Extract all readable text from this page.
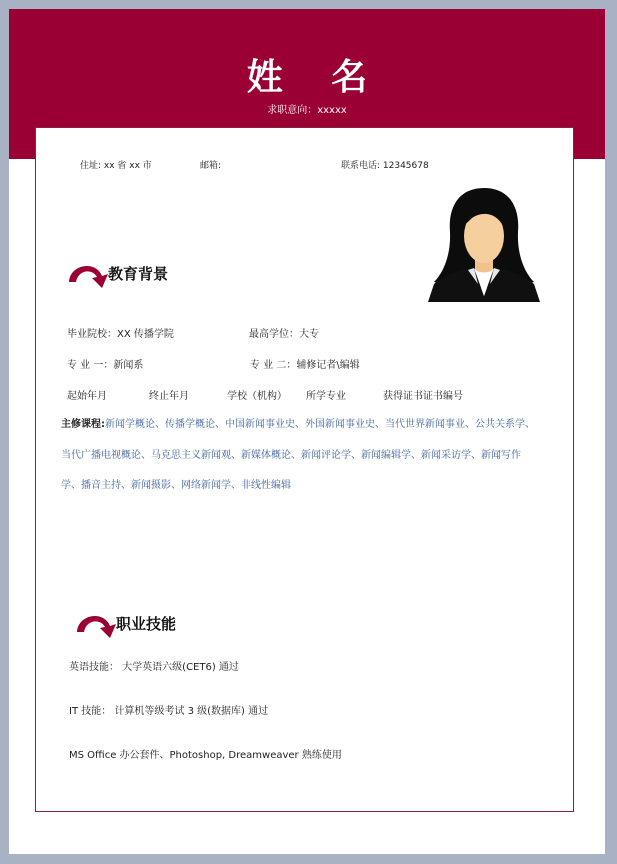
姓 名
求职意向：xxxxx
住址: xx 省 xx 市	邮箱:	联系电话: 12345678
教育背景
毕业院校：XX 传播学院	最高学位：大专
专 业 一：新闻系	专 业 二：辅修记者\编辑
起始年月	终止年月	学校（机构） 所学专业	获得证书证书编号
主修课程:新闻学概论、传播学概论、中国新闻事业史、外国新闻事业史、当代世界新闻事业、公共关系学、当代广播电视概论、马克思主义新闻观、新媒体概论、新闻评论学、新闻编辑学、新闻采访学、新闻写作学、播音主持、新闻摄影、网络新闻学、非线性编辑
职业技能
英语技能： 大学英语六级(CET6) 通过
IT 技能： 计算机等级考试 3 级(数据库) 通过
MS Office 办公套件、Photoshop, Dreamweaver 熟练使用
